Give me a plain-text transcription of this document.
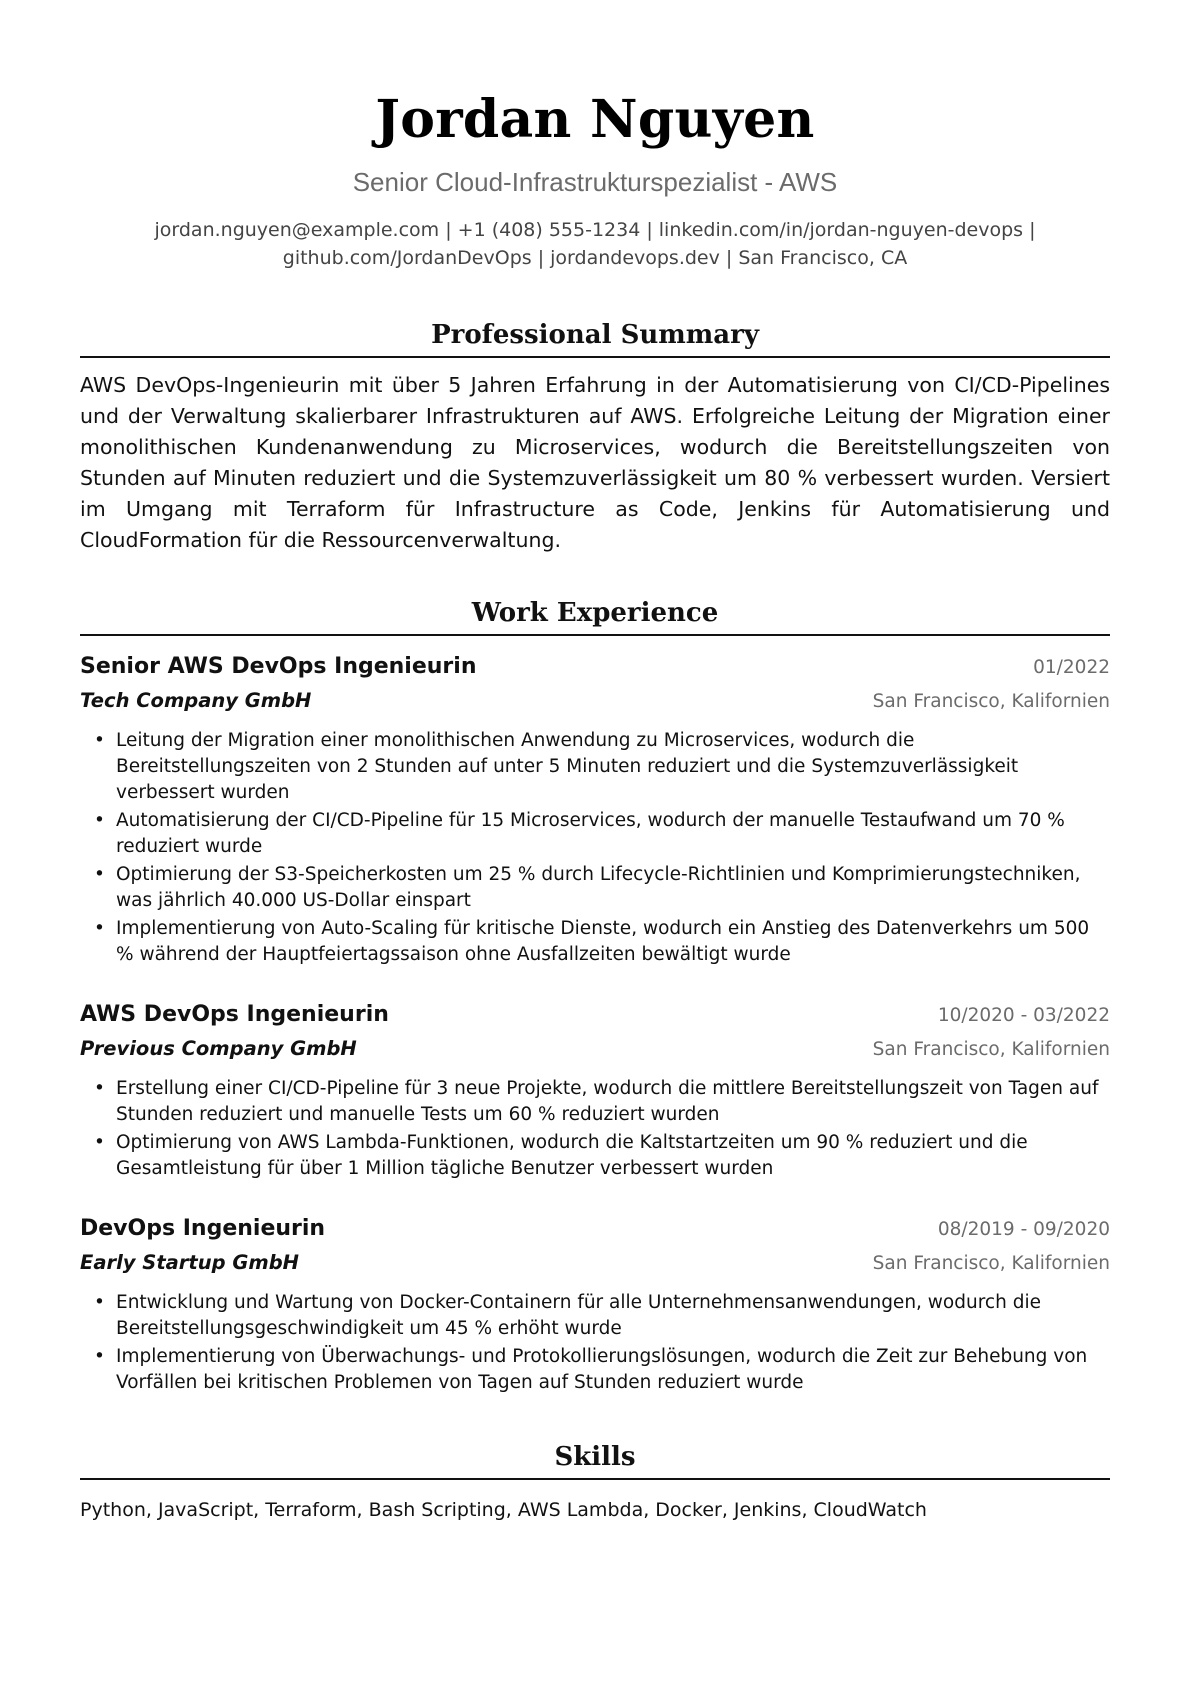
Jordan Nguyen
Senior Cloud-Infrastrukturspezialist - AWS
jordan.nguyen@example.com | +1 (408) 555-1234 | linkedin.com/in/jordan-nguyen-devops |
github.com/JordanDevOps | jordandevops.dev | San Francisco, CA
Professional Summary

AWS DevOps-Ingenieurin mit über 5 Jahren Erfahrung in der Automatisierung von CI/CD-Pipelines und der Verwaltung skalierbarer Infrastrukturen auf AWS. Erfolgreiche Leitung der Migration einer monolithischen Kundenanwendung zu Microservices, wodurch die Bereitstellungszeiten von Stunden auf Minuten reduziert und die Systemzuverlässigkeit um 80 % verbessert wurden. Versiert im Umgang mit Terraform für Infrastructure as Code, Jenkins für Automatisierung und CloudFormation für die Ressourcenverwaltung.

Work Experience
Senior AWS DevOps Ingenieurin	01/2022
Tech Company GmbH	San Francisco, Kalifornien
• Leitung der Migration einer monolithischen Anwendung zu Microservices, wodurch die Bereitstellungszeiten von 2 Stunden auf unter 5 Minuten reduziert und die Systemzuverlässigkeit verbessert wurden
• Automatisierung der CI/CD-Pipeline für 15 Microservices, wodurch der manuelle Testaufwand um 70 % reduziert wurde
• Optimierung der S3-Speicherkosten um 25 % durch Lifecycle-Richtlinien und Komprimierungstechniken, was jährlich 40.000 US-Dollar einspart
• Implementierung von Auto-Scaling für kritische Dienste, wodurch ein Anstieg des Datenverkehrs um 500 % während der Hauptfeiertagssaison ohne Ausfallzeiten bewältigt wurde
AWS DevOps Ingenieurin	10/2020 - 03/2022
Previous Company GmbH	San Francisco, Kalifornien
• Erstellung einer CI/CD-Pipeline für 3 neue Projekte, wodurch die mittlere Bereitstellungszeit von Tagen auf Stunden reduziert und manuelle Tests um 60 % reduziert wurden
• Optimierung von AWS Lambda-Funktionen, wodurch die Kaltstartzeiten um 90 % reduziert und die Gesamtleistung für über 1 Million tägliche Benutzer verbessert wurden
DevOps Ingenieurin	08/2019 - 09/2020
Early Startup GmbH	San Francisco, Kalifornien
• Entwicklung und Wartung von Docker-Containern für alle Unternehmensanwendungen, wodurch die Bereitstellungsgeschwindigkeit um 45 % erhöht wurde
• Implementierung von Überwachungs- und Protokollierungslösungen, wodurch die Zeit zur Behebung von Vorfällen bei kritischen Problemen von Tagen auf Stunden reduziert wurde
Skills
Python, JavaScript, Terraform, Bash Scripting, AWS Lambda, Docker, Jenkins, CloudWatch
